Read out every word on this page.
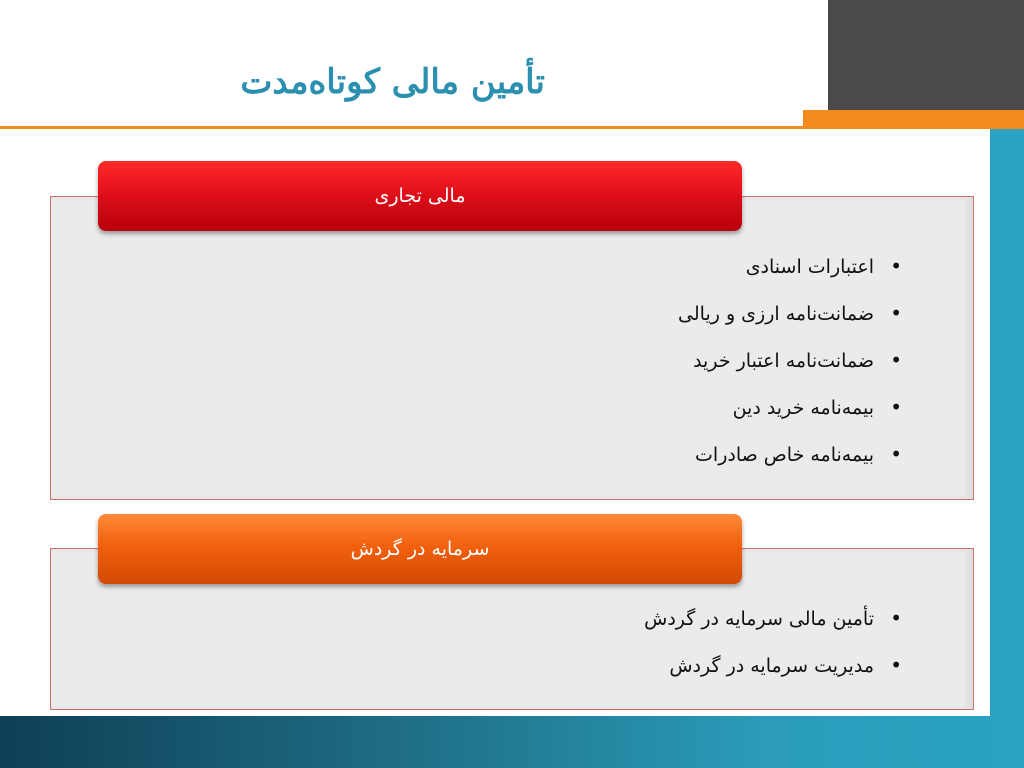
تأمین مالی کوتاه‌مدت
مالی تجاری
•
اعتبارات اسنادی
•
ضمانت‌نامه ارزی و ریالی
•
ضمانت‌نامه اعتبار خرید
•
بیمه‌نامه خرید دین
•
بیمه‌نامه خاص صادرات
سرمایه در گردش
•
تأمین مالی سرمایه در گردش
•
مدیریت سرمایه در گردش
